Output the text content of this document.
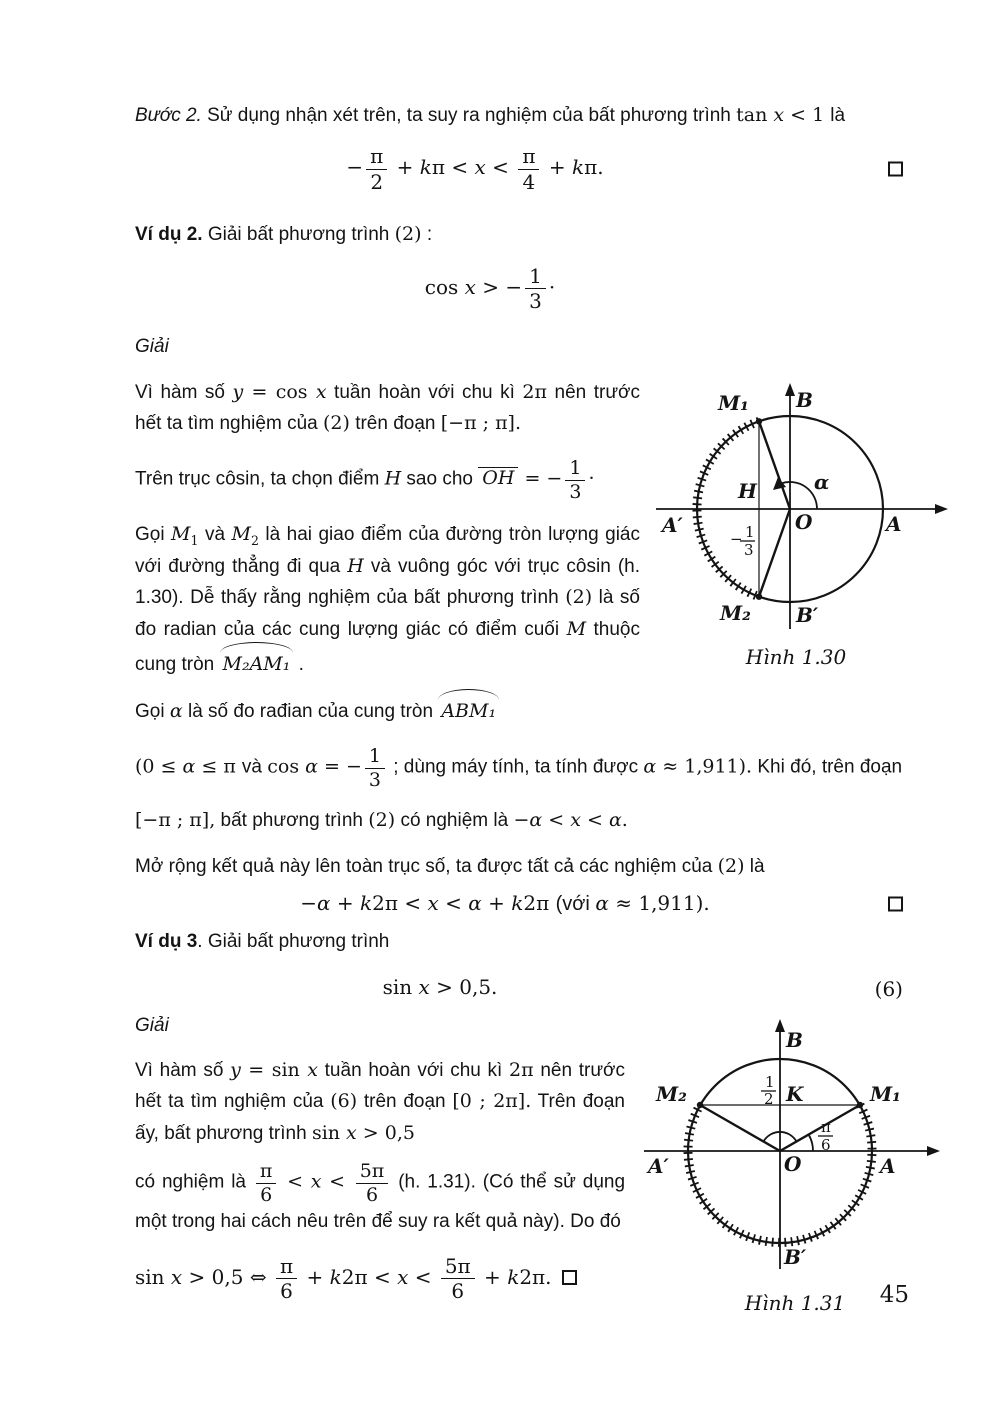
Bước 2. Sử dụng nhận xét trên, ta suy ra nghiệm của bất phương trình tan x < 1 là

− $\frac{\pi}{2} + k\pi < x < \frac{\pi}{4} + k\pi$.

Ví dụ 2. Giải bất phương trình (2) :

cos x > − $\frac{1}{3}$ ·

Giải

Vì hàm số y = cos x tuần hoàn với chu kì 2π nên trước hết ta tìm nghiệm của (2) trên đoạn [−π ; π].

Trên trục côsin, ta chọn điểm H sao cho OH = − $\frac{1}{3}$ ·

Gọi $M_1$ và $M_2$ là hai giao điểm của đường tròn lượng giác với đường thẳng đi qua H và vuông góc với trục côsin (h. 1.30). Dễ thấy rằng nghiệm của bất phương trình (2) là số đo radian của các cung lượng giác có điểm cuối M thuộc cung tròn M₂AM₁ .

Gọi α là số đo rađian của cung tròn ABM₁

B
M₁
A
A′
B′
M₂
H
O
α
− 1
3
Hình 1.30

(0 ≤ α ≤ π và cos α = − $\frac{1}{3}$ ; dùng máy tính, ta tính được α ≈ 1,911). Khi đó, trên đoạn

[−π ; π], bất phương trình (2) có nghiệm là −α < x < α.

Mở rộng kết quả này lên toàn trục số, ta được tất cả các nghiệm của (2) là

−α + k2π < x < α + k2π (với α ≈ 1,911).

Ví dụ 3. Giải bất phương trình

sin x > 0,5.	(6)

Giải

Vì hàm số y = sin x tuần hoàn với chu kì 2π nên trước hết ta tìm nghiệm của (6) trên đoạn [0 ; 2π]. Trên đoạn ấy, bất phương trình sin x > 0,5

có nghiệm là $\frac{\pi}{6} < x < \frac{5\pi}{6} (h$. 1.31). (Có thể sử dụng một trong hai cách nêu trên để suy ra kết quả này). Do đó

sin x > 0,5 ⇔ $\frac{\pi}{6} + k2\pi < x < \frac{5\pi}{6} + k2\pi$.

B
M₂	M₁
K
A
A′	O
B′
1
2
π
6
Hình 1.31	45
